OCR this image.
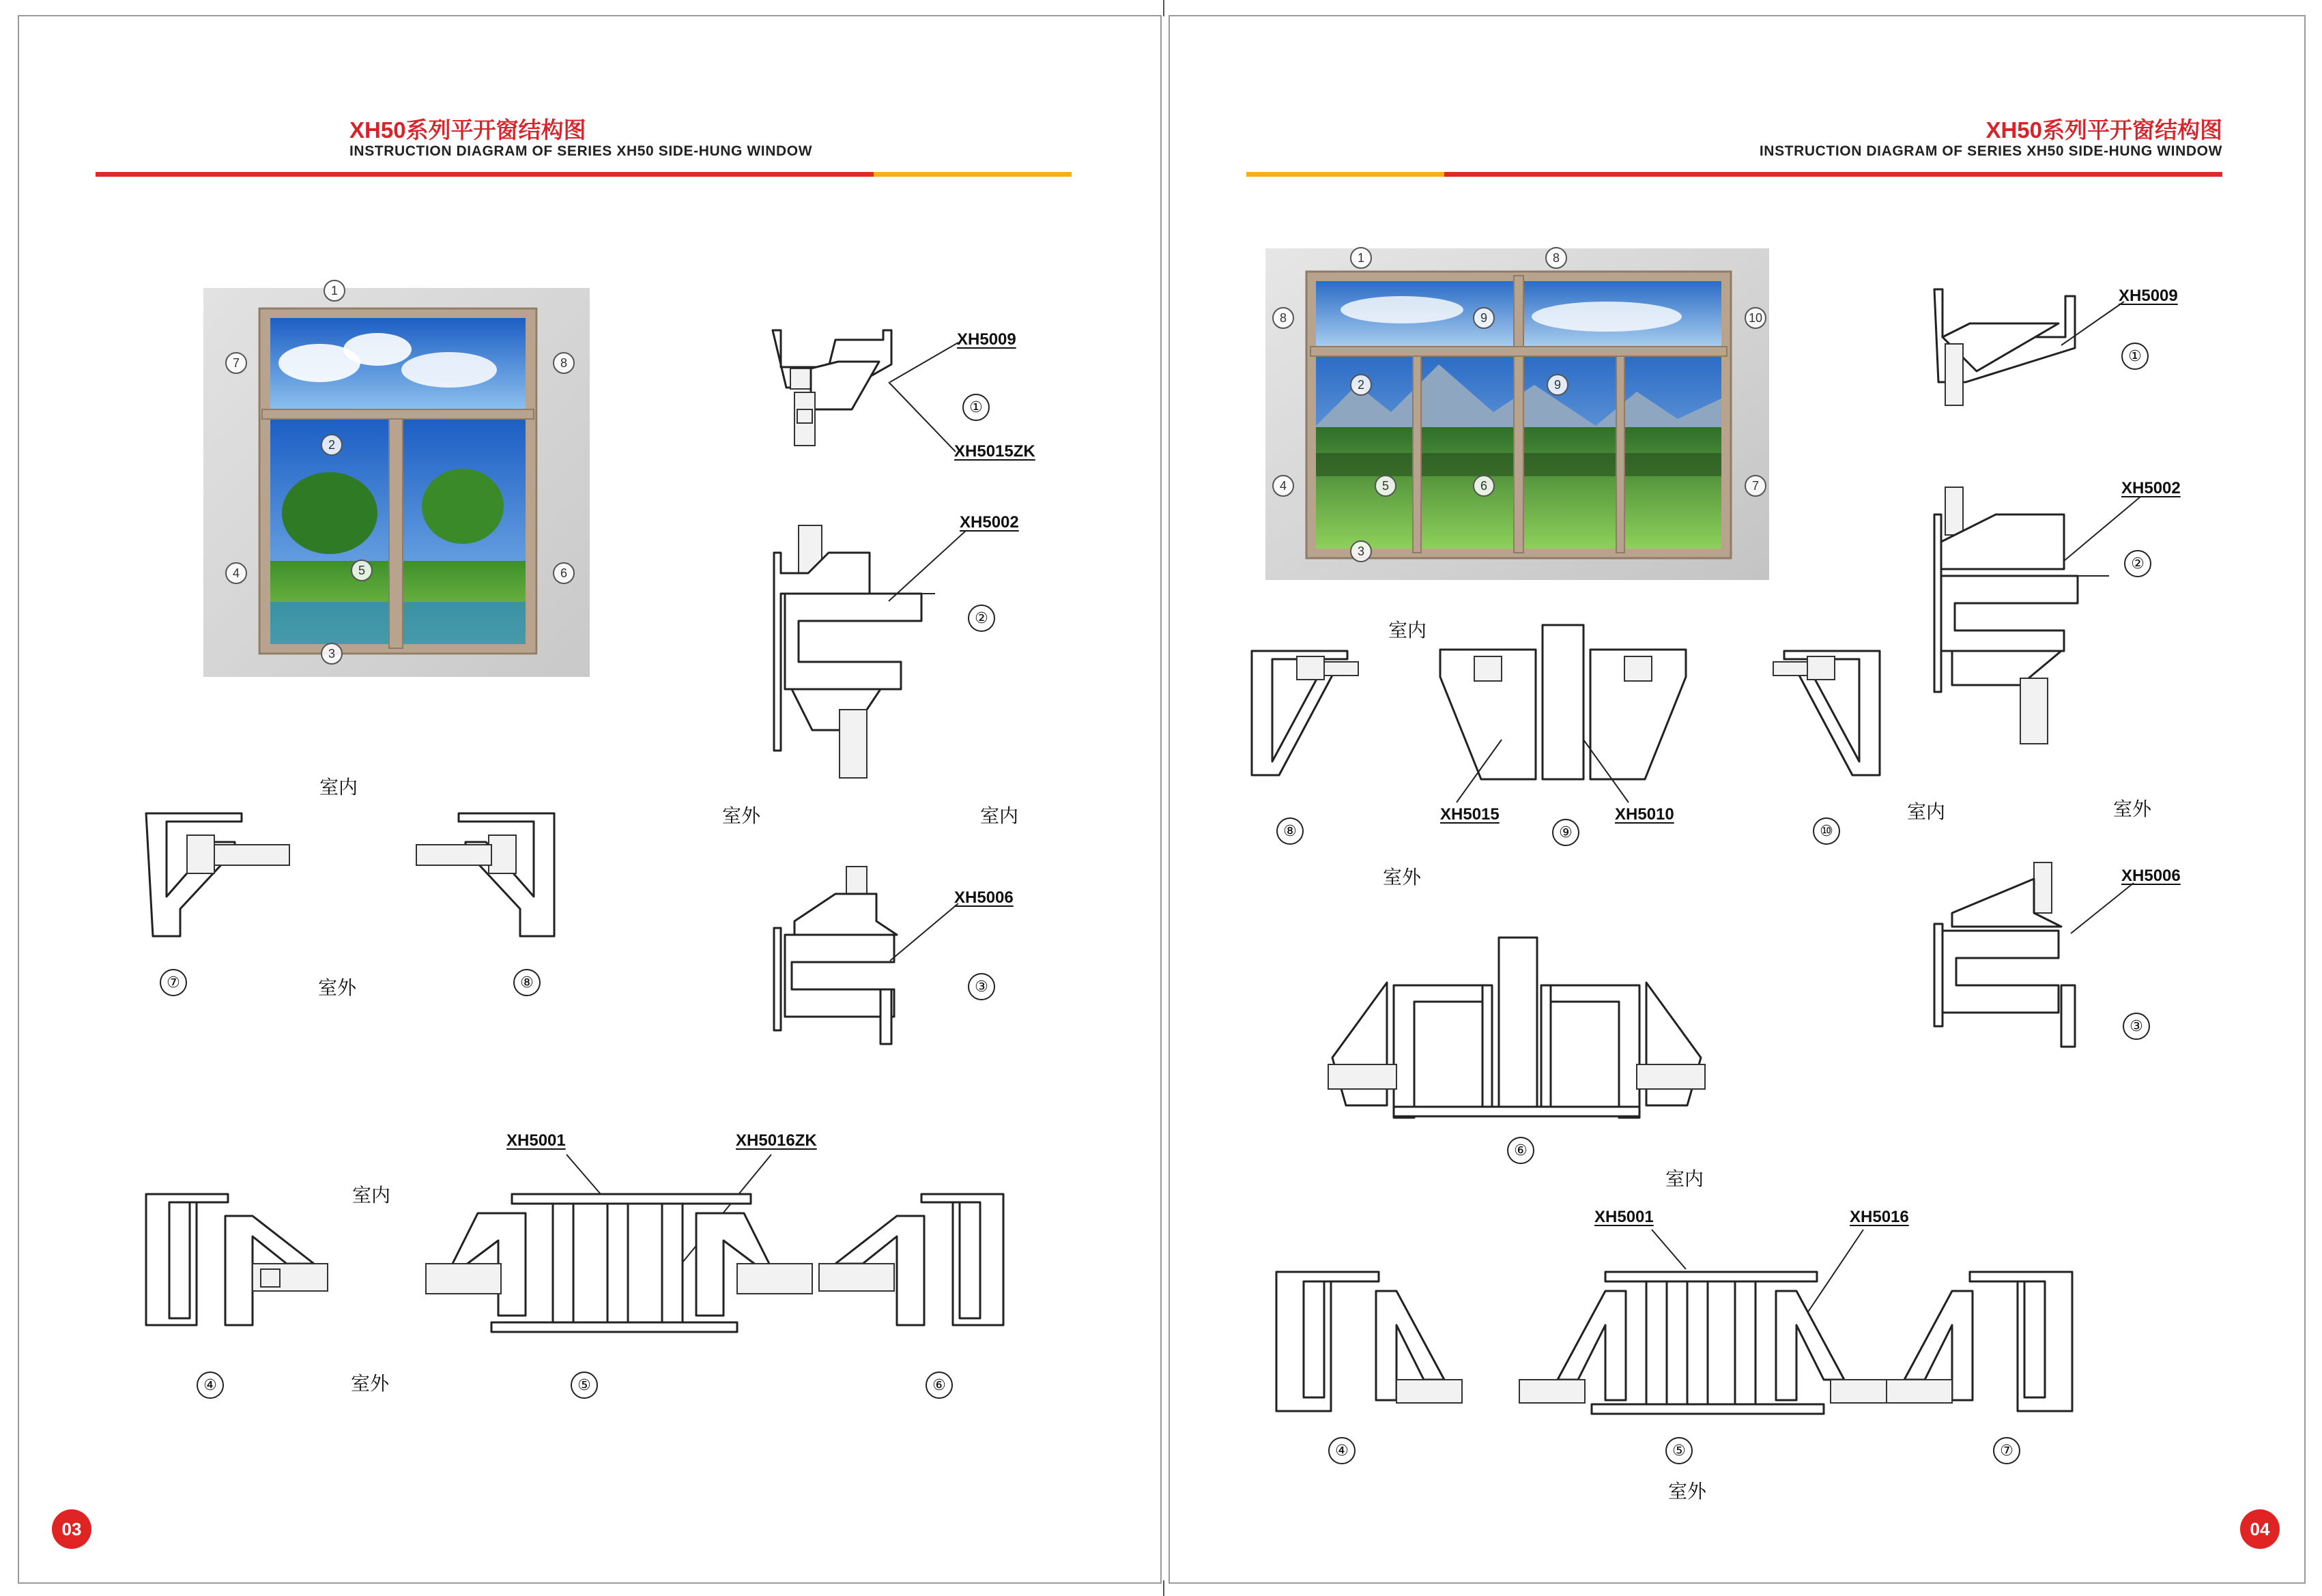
XH50系列平开窗结构图
INSTRUCTION DIAGRAM OF SERIES XH50 SIDE-HUNG WINDOW
1
2
3
4	5	6
7	8
XH5009
XH5015ZK
①
XH5002
②
室外	室内
XH5006
③
室内
⑦	室外	⑧
XH5001	XH5016ZK
室内
④	室外	⑤	⑥
03
XH50系列平开窗结构图
INSTRUCTION DIAGRAM OF SERIES XH50 SIDE-HUNG WINDOW
1	8
8	9	10
2	9
4	5	6	7
3
室内
XH5015	XH5010
⑧	⑨	⑩
室外
XH5009
①
XH5002
②
室内	室外
XH5006
③
⑥
室内
XH5001	XH5016
④	⑤	⑦
室外
04
